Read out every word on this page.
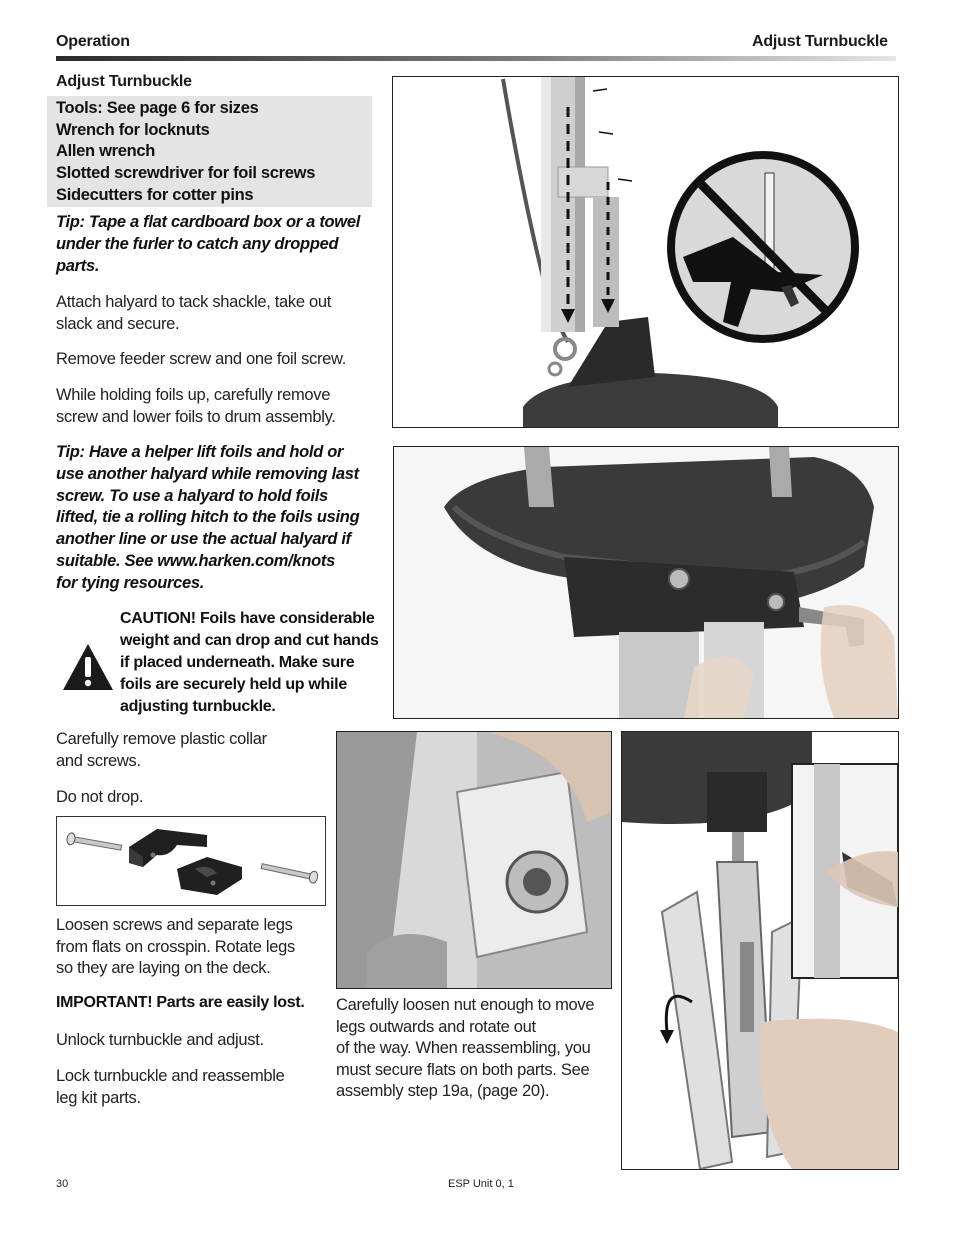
Operation	Adjust Turnbuckle
Adjust Turnbuckle
Tools: See page 6 for sizes
Wrench for locknuts
Allen wrench
Slotted screwdriver for foil screws
Sidecutters for cotter pins
Tip: Tape a flat cardboard box or a towel
under the furler to catch any dropped
parts.
Attach halyard to tack shackle, take out
slack and secure.
Remove feeder screw and one foil screw.
While holding foils up, carefully remove
screw and lower foils to drum assembly.
Tip: Have a helper lift foils and hold or
use another halyard while removing last
screw. To use a halyard to hold foils
lifted, tie a rolling hitch to the foils using
another line or use the actual halyard if
suitable. See www.harken.com/knots
for tying resources.
CAUTION! Foils have considerable
weight and can drop and cut hands
if placed underneath. Make sure
foils are securely held up while
adjusting turnbuckle.
Carefully remove plastic collar
and screws.
Do not drop.
Loosen screws and separate legs
from flats on crosspin. Rotate legs
so they are laying on the deck.
IMPORTANT! Parts are easily lost.
Unlock turnbuckle and adjust.
Lock turnbuckle and reassemble
leg kit parts.
Carefully loosen nut enough to move
legs outwards and rotate out
of the way. When reassembling, you
must secure flats on both parts. See
assembly step 19a, (page 20).
30	ESP Unit 0, 1
